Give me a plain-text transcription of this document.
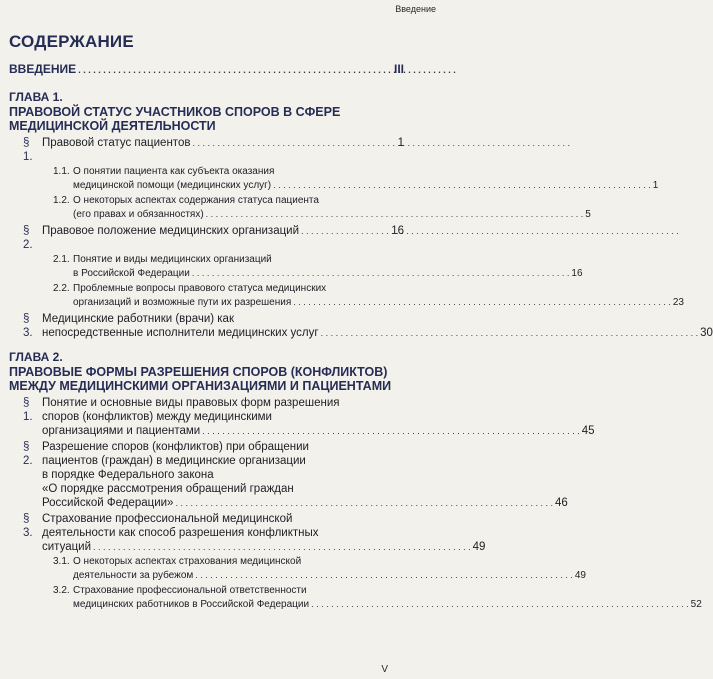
Введение
СОДЕРЖАНИЕ
ВВЕДЕНИЕ . . .	III
ГЛАВА 1.
ПРАВОВОЙ СТАТУС УЧАСТНИКОВ СПОРОВ В СФЕРЕ МЕДИЦИНСКОЙ ДЕЯТЕЛЬНОСТИ
§ 1.
Правовой статус пациентов . . .	1
1.1. О понятии пациента как субъекта оказания
медицинской помощи (медицинских услуг) . . .	1
1.2. О некоторых аспектах содержания статуса пациента
(его правах и обязанностях) . . .	5
§ 2.
Правовое положение медицинских организаций . . .	16
2.1. Понятие и виды медицинских организаций
в Российской Федерации . . .	16
2.2. Проблемные вопросы правового статуса медицинских
организаций и возможные пути их разрешения . . .	23
§ 3.
Медицинские работники (врачи) как
непосредственные исполнители медицинских услуг . . .	30
ГЛАВА 2.
ПРАВОВЫЕ ФОРМЫ РАЗРЕШЕНИЯ СПОРОВ (КОНФЛИКТОВ) МЕЖДУ МЕДИЦИНСКИМИ ОРГАНИЗАЦИЯМИ И ПАЦИЕНТАМИ
§ 1.
Понятие и основные виды правовых форм разрешения
споров (конфликтов) между медицинскими
организациями и пациентами . . .	45
§ 2.
Разрешение споров (конфликтов) при обращении
пациентов (граждан) в медицинские организации
в порядке Федерального закона
«О порядке рассмотрения обращений граждан
Российской Федерации» . . .	46
§ 3.
Страхование профессиональной медицинской
деятельности как способ разрешения конфликтных
ситуаций . . .	49
3.1. О некоторых аспектах страхования медицинской
деятельности за рубежом . . .	49
3.2. Страхование профессиональной ответственности
медицинских работников в Российской Федерации . . .	52
V
